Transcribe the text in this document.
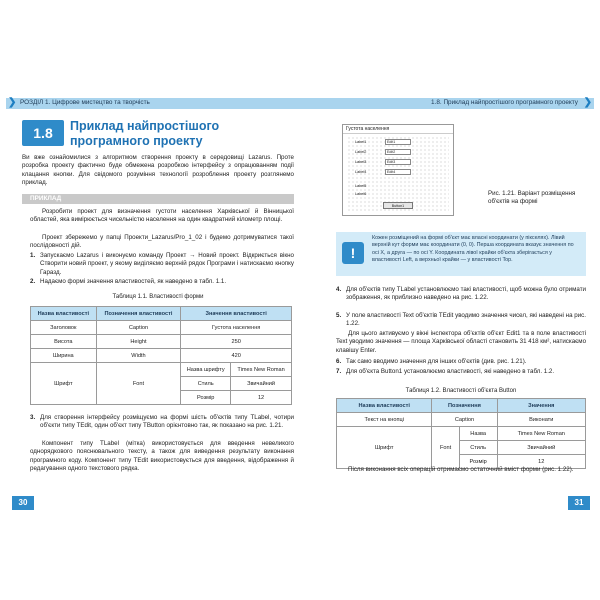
❯ РОЗДІЛ 1. Цифрове мистецтво та творчість	1.8. Приклад найпростішого програмного проекту ❯
1.8	Приклад найпростішого програмного проекту
Ви вже ознайомилися з алгоритмом створення проекту в середовищі Lazarus. Проте розробка проекту фактично буде обмежена розробкою інтерфейсу з опрацюванням події клацання кнопки. Для свідомого розуміння технології розроблення проекту розглянемо приклад.
ПРИКЛАД
Розробити проект для визначення густоти населення Харківської й Вінницької областей, яка вимірюється чисельністю населення на один квадратний кілометр площі.
Проект збережемо у папці Проекти_Lazarus/Pro_1_02 і будемо дотримуватися такої послідовності дій.
1. Запускаємо Lazarus і виконуємо команду Проект → Новий проект. Відкриється вікно Створити новий проект, у якому виділяємо верхній рядок Програми і натискаємо кнопку Гаразд.
2. Надаємо формі значення властивостей, як наведено в табл. 1.1.
Таблиця 1.1. Властивості форми
Назва властивості	Позначення властивості	Значення властивості	
Заголовок	Caption	Густота населення	
Висота	Height	250	
Ширина	Width	420	
Шрифт	Font	Назва шрифту	Times New Roman
		Стиль	Звичайний
		Розмір	12
3. Для створення інтерфейсу розміщуємо на формі шість об'єктів типу TLabel, чотири об'єкти типу TEdit, один об'єкт типу TButton орієнтовно так, як показано на рис. 1.21.
Компонент типу TLabel (мітка) використовується для введення невеликого однорядкового пояснювального тексту, а також для виведення результату виконання програмного коду. Компонент типу TEdit використовується для введення, відображення й редагування одного текстового рядка.
30
Густота населення
Label1
Label2
Label3
Label4
Label5
Label6
Edit1
Edit2
Edit3
Edit4
Button1
Рис. 1.21. Варіант розміщення об'єктів на формі
!
Кожен розміщений на формі об'єкт має власні координати (у пікселях). Лівий верхній кут форми має координати (0, 0). Перша координата вказує значення по осі X, а друга — по осі Y. Координата лівої крайки об'єкта зберігається у властивості Left, а верхньої крайки — у властивості Top.
4. Для об'єктів типу TLabel установлюємо такі властивості, щоб можна було отримати зображення, як приблизно наведено на рис. 1.22.
5. У поле властивості Text об'єктів TEdit уводимо значення чисел, які наведені на рис. 1.22.
Для цього активуємо у вікні інспектора об'єктів об'єкт Edit1 та в поле властивості Text уводимо значення — площа Харківської області становить 31 418 км², натискаємо клавішу Enter.
6. Так само вводимо значення для інших об'єктів (див. рис. 1.21).
7. Для об'єкта Button1 установлюємо властивості, які наведено в табл. 1.2.
Таблиця 1.2. Властивості об'єкта Button
Назва властивості	Позначення		Значення
Текст на кнопці	Caption		Виконати
Шрифт	Font	Назва	Times New Roman
		Стиль	Звичайний
		Розмір	12
Після виконання всіх операцій отримаємо остаточний вміст форми (рис. 1.22).
31
